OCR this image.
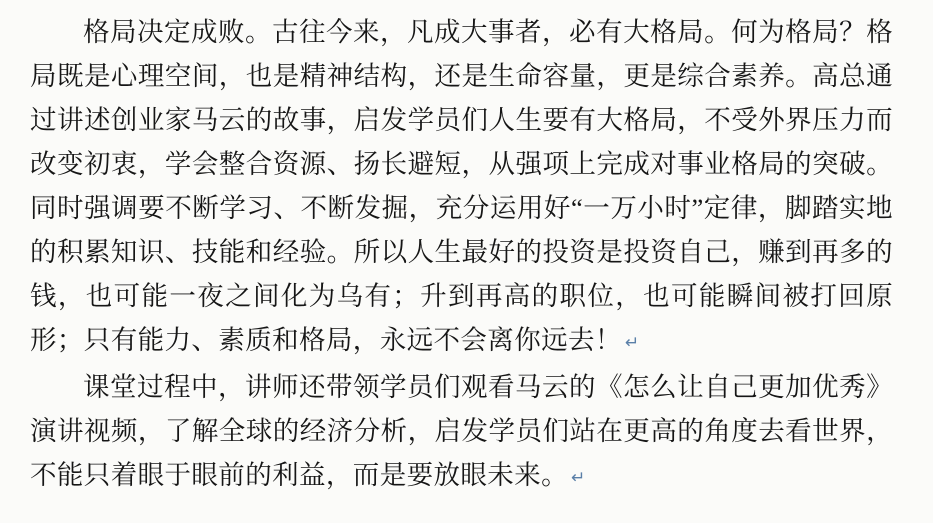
格局决定成败。古往今来，凡成大事者，必有大格局。何为格局？格局既是心理空间，也是精神结构，还是生命容量，更是综合素养。高总通过讲述创业家马云的故事，启发学员们人生要有大格局，不受外界压力而改变初衷，学会整合资源、扬长避短，从强项上完成对事业格局的突破。同时强调要不断学习、不断发掘，充分运用好“一万小时”定律，脚踏实地的积累知识、技能和经验。所以人生最好的投资是投资自己，赚到再多的钱，也可能一夜之间化为乌有；升到再高的职位，也可能瞬间被打回原形；只有能力、素质和格局，永远不会离你远去！ ↵

课堂过程中，讲师还带领学员们观看马云的《怎么让自己更加优秀》演讲视频，了解全球的经济分析，启发学员们站在更高的角度去看世界，不能只着眼于眼前的利益，而是要放眼未来。 ↵
